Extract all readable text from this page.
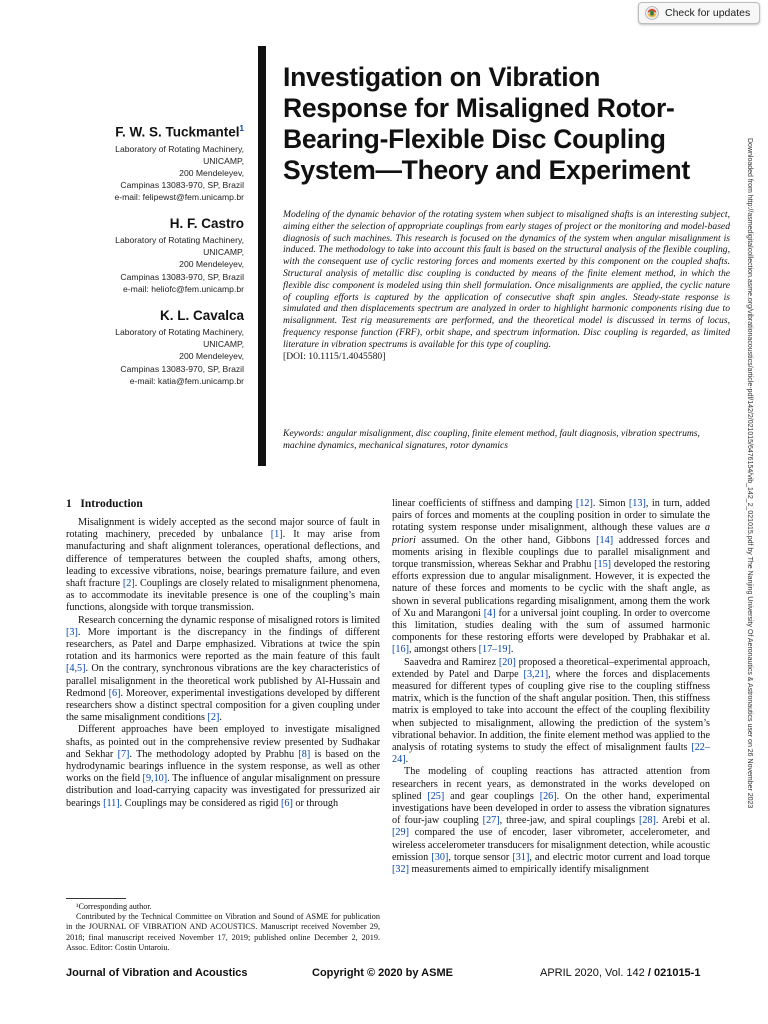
Check for updates
Downloaded from http://asmedigitalcollection.asme.org/vibrationacoustics/article-pdf/142/2/021015/6476154/vib_142_2_021015.pdf by The Nanjing University Of Aeronautics & Astronautics user on 26 November 2023
Investigation on Vibration Response for Misaligned Rotor-Bearing-Flexible Disc Coupling System—Theory and Experiment
F. W. S. Tuckmantel$^1$
Laboratory of Rotating Machinery,
UNICAMP,
200 Mendeleyev,
Campinas 13083-970, SP, Brazil
e-mail: felipewst@fem.unicamp.br
H. F. Castro
Laboratory of Rotating Machinery,
UNICAMP,
200 Mendeleyev,
Campinas 13083-970, SP, Brazil
e-mail: heliofc@fem.unicamp.br
K. L. Cavalca
Laboratory of Rotating Machinery,
UNICAMP,
200 Mendeleyev,
Campinas 13083-970, SP, Brazil
e-mail: katia@fem.unicamp.br
Modeling of the dynamic behavior of the rotating system when subject to misaligned shafts is an interesting subject, aiming either the selection of appropriate couplings from early stages of project or the monitoring and model-based diagnosis of such machines. This research is focused on the dynamics of the system when angular misalignment is induced. The methodology to take into account this fault is based on the structural analysis of the flexible coupling, with the consequent use of cyclic restoring forces and moments exerted by this component on the coupled shafts. Structural analysis of metallic disc coupling is conducted by means of the finite element method, in which the flexible disc component is modeled using thin shell formulation. Once misalignments are applied, the cyclic nature of coupling efforts is captured by the application of consecutive shaft spin angles. Steady-state response is simulated and then displacements spectrum are analyzed in order to highlight harmonic components rising due to misalignment. Test rig measurements are performed, and the theoretical model is discussed in terms of locus, frequency response function (FRF), orbit shape, and spectrum information. Disc coupling is regarded, as limited literature in vibration spectrums is available for this type of coupling.
[DOI: 10.1115/1.4045580]
Keywords: angular misalignment, disc coupling, finite element method, fault diagnosis, vibration spectrums, machine dynamics, mechanical signatures, rotor dynamics
1 Introduction

Misalignment is widely accepted as the second major source of fault in rotating machinery, preceded by unbalance [1]. It may arise from manufacturing and shaft alignment tolerances, operational deflections, and difference of temperatures between the coupled shafts, among others, leading to excessive vibrations, noise, bearings premature failure, and even shaft fracture [2]. Couplings are closely related to misalignment phenomena, as to accommodate its inevitable presence is one of the coupling’s main functions, alongside with torque transmission.

Research concerning the dynamic response of misaligned rotors is limited [3]. More important is the discrepancy in the findings of different researchers, as Patel and Darpe emphasized. Vibrations at twice the spin rotation and its harmonics were reported as the main feature of this fault [4,5]. On the contrary, synchronous vibrations are the key characteristics of parallel misalignment in the theoretical work published by Al-Hussain and Redmond [6]. Moreover, experimental investigations developed by different researchers show a distinct spectral composition for a given coupling under the same misalignment conditions [2].

Different approaches have been employed to investigate misaligned shafts, as pointed out in the comprehensive review presented by Sudhakar and Sekhar [7]. The methodology adopted by Prabhu [8] is based on the hydrodynamic bearings influence in the system response, as well as other works on the field [9,10]. The influence of angular misalignment on pressure distribution and load-carrying capacity was investigated for pressurized air bearings [11]. Couplings may be considered as rigid [6] or through

linear coefficients of stiffness and damping [12]. Simon [13], in turn, added pairs of forces and moments at the coupling position in order to simulate the rotating system response under misalignment, although these values are a priori assumed. On the other hand, Gibbons [14] addressed forces and moments arising in flexible couplings due to parallel misalignment and torque transmission, whereas Sekhar and Prabhu [15] developed the restoring efforts expression due to angular misalignment. However, it is expected the nature of these forces and moments to be cyclic with the shaft angle, as shown in several publications regarding misalignment, among them the work of Xu and Marangoni [4] for a universal joint coupling. In order to overcome this limitation, studies dealing with the sum of assumed harmonic components for these restoring efforts were developed by Prabhakar et al. [16], amongst others [17–19].

Saavedra and Ramirez [20] proposed a theoretical–experimental approach, extended by Patel and Darpe [3,21], where the forces and displacements measured for different types of coupling give rise to the coupling stiffness matrix, which is the function of the shaft angular position. Then, this stiffness matrix is employed to take into account the effect of the coupling flexibility when subjected to misalignment, allowing the prediction of the system’s vibrational behavior. In addition, the finite element method was applied to the analysis of rotating systems to study the effect of misalignment faults [22–24].

The modeling of coupling reactions has attracted attention from researchers in recent years, as demonstrated in the works developed on splined [25] and gear couplings [26]. On the other hand, experimental investigations have been developed in order to assess the vibration signatures of four-jaw coupling [27], three-jaw, and spiral couplings [28]. Arebi et al. [29] compared the use of encoder, laser vibrometer, accelerometer, and wireless accelerometer transducers for misalignment detection, while acoustic emission [30], torque sensor [31], and electric motor current and load torque [32] measurements aimed to empirically identify misalignment

¹Corresponding author.

Contributed by the Technical Committee on Vibration and Sound of ASME for publication in the JOURNAL OF VIBRATION AND ACOUSTICS. Manuscript received November 29, 2018; final manuscript received November 17, 2019; published online December 2, 2019. Assoc. Editor: Costin Untaroiu.

Journal of Vibration and Acoustics	Copyright © 2020 by ASME	APRIL 2020, Vol. 142 / 021015-1
